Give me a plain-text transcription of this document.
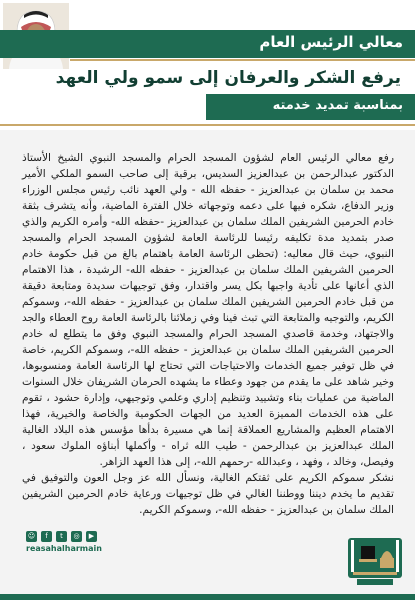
معالي الرئيس العام
يرفع الشكر والعرفان إلى سمو ولي العهد
بمناسبة تمديد خدمته

رفع معالي الرئيس العام لشؤون المسجد الحرام والمسجد النبوي الشيخ الأستاذ الدكتور عبدالرحمن بن عبدالعزيز السديس، برقية إلى صاحب السمو الملكي الأمير محمد بن سلمان بن عبدالعزيز - حفظه الله - ولي العهد نائب رئيس مجلس الوزراء وزير الدفاع، شكره فيها على دعمه وتوجهاته خلال الفترة الماضية، وأنه يتشرف بثقة خادم الحرمين الشريفين الملك سلمان بن عبدالعزيز -حفظه الله- وأمره الكريم والذي صدر بتمديد مدة تكليفه رئيسا للرئاسة العامة لشؤون المسجد الحرام والمسجد النبوي، حيث قال معاليه: (تحظى الرئاسة العامة باهتمام بالغ من قبل حكومة خادم الحرمين الشريفين الملك سلمان بن عبدالعزيز - حفظه الله- الرشيدة ، هذا الاهتمام الذي أعانها على تأدية واجبها بكل يسر واقتدار، وفق توجيهات سديدة ومتابعة دقيقة من قبل خادم الحرمين الشريفين الملك سلمان بن عبدالعزيز - حفظه الله-، وسموكم الكريم، والتوجيه والمتابعة التي تبث فينا وفي زملائنا بالرئاسة العامة روح العطاء والجد والاجتهاد، وخدمة قاصدي المسجد الحرام والمسجد النبوي وفق ما يتطلع له خادم الحرمين الشريفين الملك سلمان بن عبدالعزيز - حفظه الله-، وسموكم الكريم، خاصة في ظل توفير جميع الخدمات والاحتياجات التي تحتاج لها الرئاسة العامة ومنسوبوها، وخير شاهد على ما يقدم من جهود وعطاء ما يشهده الحرمان الشريفان خلال السنوات الماضية من عمليات بناء وتشييد وتنظيم إداري وعلمي وتوجيهي، وإدارة حشود ، تقوم على هذه الخدمات المميزة العديد من الجهات الحكومية والخاصة والخيرية، فهذا الاهتمام العظيم والمشاريع العملاقة إنما هي مسيرة بدأها مؤسس هذه البلاد الغالية الملك عبدالعزيز بن عبدالرحمن - طيب الله ثراه - وأكملها أبناؤه الملوك سعود ، وفيصل، وخالد ، وفهد ، وعبدالله -رحمهم الله-، إلى هذا العهد الزاهر.

نشكر سموكم الكريم على ثقتكم الغالية، ونسأل الله عز وجل العون والتوفيق في تقديم ما يخدم ديننا ووطننا الغالي في ظل توجيهات ورعاية خادم الحرمين الشريفين الملك سلمان بن عبدالعزيز - حفظه الله-، وسموكم الكريم.

☺	f	t	◎	▶
reasahalharmain
